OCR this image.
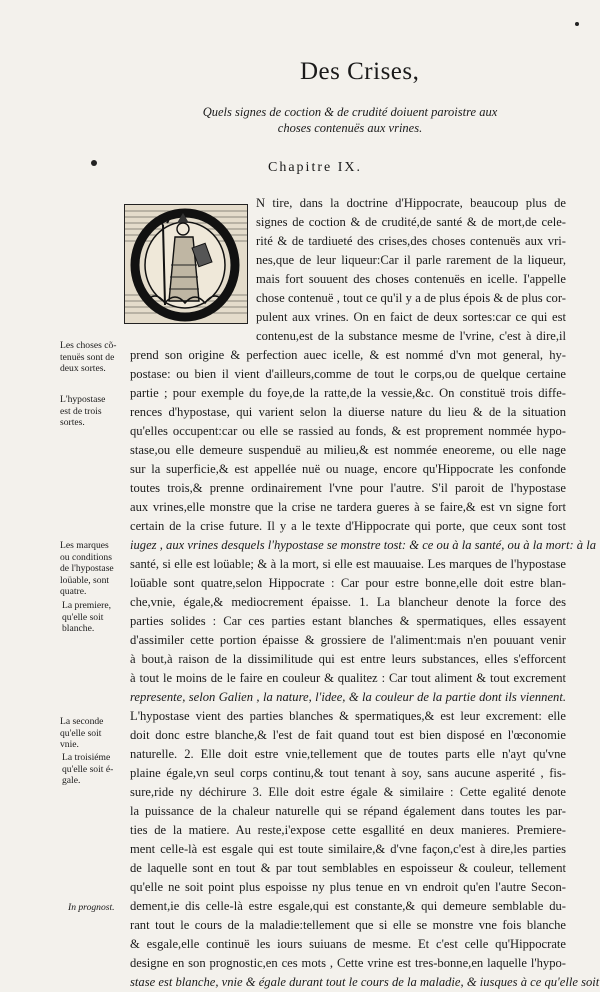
Des Crises,
Quels signes de coction & de crudité doiuent paroistre aux
choses contenuës aux vrines.
Chapitre IX.
N tire, dans la doctrine d'Hippocrate, beaucoup plus de
signes de coction & de crudité,de santé & de mort,de cele-
rité & de tardiueté des crises,des choses contenuës aux vri-
nes,que de leur liqueur:Car il parle rarement de la liqueur,
mais fort souuent des choses contenuës en icelle. I'appelle
chose contenuë , tout ce qu'il y a de plus épois & de plus cor-
pulent aux vrines. On en faict de deux sortes:car ce qui est
contenu,est de la substance mesme de l'vrine, c'est à dire,il
prend son origine & perfection auec icelle, & est nommé d'vn mot general, hy-
postase: ou bien il vient d'ailleurs,comme de tout le corps,ou de quelque certaine
partie ; pour exemple du foye,de la ratte,de la vessie,&c. On constituë trois diffe-
rences d'hypostase, qui varient selon la diuerse nature du lieu & de la situation
qu'elles occupent:car ou elle se rassied au fonds, & est proprement nommée hypo-
stase,ou elle demeure suspenduë au milieu,& est nommée eneoreme, ou elle nage
sur la superficie,& est appellée nuë ou nuage, encore qu'Hippocrate les confonde
toutes trois,& prenne ordinairement l'vne pour l'autre. S'il paroit de l'hypostase
aux vrines,elle monstre que la crise ne tardera gueres à se faire,& est vn signe fort
certain de la crise future. Il y a le texte d'Hippocrate qui porte, que ceux sont tost
iugez , aux vrines desquels l'hypostase se monstre tost: & ce ou à la santé, ou à la mort: à la
santé, si elle est loüable; & à la mort, si elle est mauuaise. Les marques de l'hypostase
loüable sont quatre,selon Hippocrate : Car pour estre bonne,elle doit estre blan-
che,vnie, égale,& mediocrement épaisse. 1. La blancheur denote la force des
parties solides : Car ces parties estant blanches & spermatiques, elles essayent
d'assimiler cette portion épaisse & grossiere de l'aliment:mais n'en pouuant venir
à bout,à raison de la dissimilitude qui est entre leurs substances, elles s'efforcent
à tout le moins de le faire en couleur & qualitez : Car tout aliment & tout excrement
represente, selon Galien , la nature, l'idee, & la couleur de la partie dont ils viennent.
L'hypostase vient des parties blanches & spermatiques,& est leur excrement: elle
doit donc estre blanche,& l'est de fait quand tout est bien disposé en l'œconomie
naturelle. 2. Elle doit estre vnie,tellement que de toutes parts elle n'ayt qu'vne
plaine égale,vn seul corps continu,& tout tenant à soy, sans aucune asperité , fis-
sure,ride ny déchirure 3. Elle doit estre égale & similaire : Cette egalité denote
la puissance de la chaleur naturelle qui se répand également dans toutes les par-
ties de la matiere. Au reste,i'expose cette esgallité en deux manieres. Premiere-
ment celle-là est esgale qui est toute similaire,& d'vne façon,c'est à dire,les parties
de laquelle sont en tout & par tout semblables en espoisseur & couleur, tellement
qu'elle ne soit point plus espoisse ny plus tenue en vn endroit qu'en l'autre Secon-
dement,ie dis celle-là estre esgale,qui est constante,& qui demeure semblable du-
rant tout le cours de la maladie:tellement que si elle se monstre vne fois blanche
& esgale,elle continuë les iours suiuans de mesme. Et c'est celle qu'Hippocrate
designe en son prognostic,en ces mots , Cette vrine est tres-bonne,en laquelle l'hypo-
stase est blanche, vnie & égale durant tout le cours de la maladie, & iusques à ce qu'elle soit
Les choses cõ-
tenuës sont de
deux sortes.
L'hypostase
est de trois
sortes.
Les marques
ou conditions
de l'hypostase
loüable, sont
quatre.
La premiere,
qu'elle soit
blanche.
La seconde
qu'elle soit
vnie.
La troisiéme
qu'elle soit é-
gale.
In prognost.
